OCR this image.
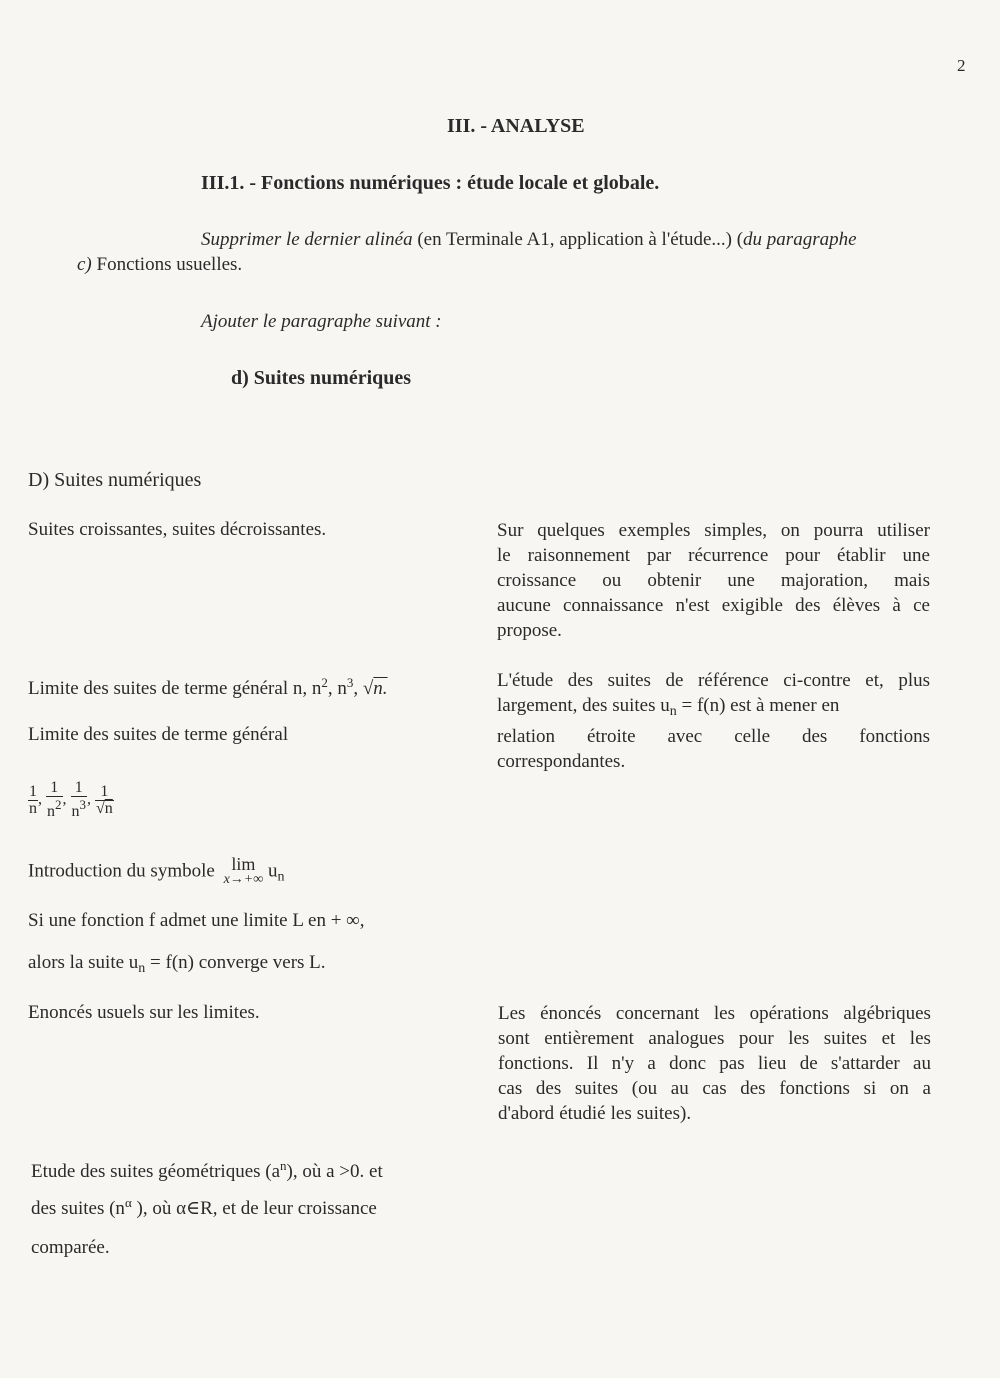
2
III. - ANALYSE
III.1. - Fonctions numériques : étude locale et globale.
Supprimer le dernier alinéa (en Terminale A1, application à l'étude...) (du paragraphe
c) Fonctions usuelles.
Ajouter le paragraphe suivant :
d) Suites numériques
D) Suites numériques
Suites croissantes, suites décroissantes.
Limite des suites de terme général n, $n^2$, $n^3$, √n.
Limite des suites de terme général
$\frac{1}{n}$ , $\frac{1}{n^2}$ , $\frac{1}{n^3}$ , $\frac{1}{√n}$
Introduction du symbole lim
x→+∞ $u_n$
Si une fonction f admet une limite L en + ∞,
alors la suite $u_n = f(n)$ converge vers L.
Enoncés usuels sur les limites.
Etude des suites géométriques $(a^n)$, où a >0. et
des suites ($n^\alpha$ ), où α∈R, et de leur croissance
comparée.
Sur quelques exemples simples, on pourra utiliser
le raisonnement par récurrence pour établir une
croissance ou obtenir une majoration, mais
aucune connaissance n'est exigible des élèves à ce
propose.
L'étude des suites de référence ci-contre et, plus
largement, des suites $u_n = f(n)$ est à mener en
relation étroite avec celle des fonctions
correspondantes.
Les énoncés concernant les opérations algébriques
sont entièrement analogues pour les suites et les
fonctions. Il n'y a donc pas lieu de s'attarder au
cas des suites (ou au cas des fonctions si on a
d'abord étudié les suites).
